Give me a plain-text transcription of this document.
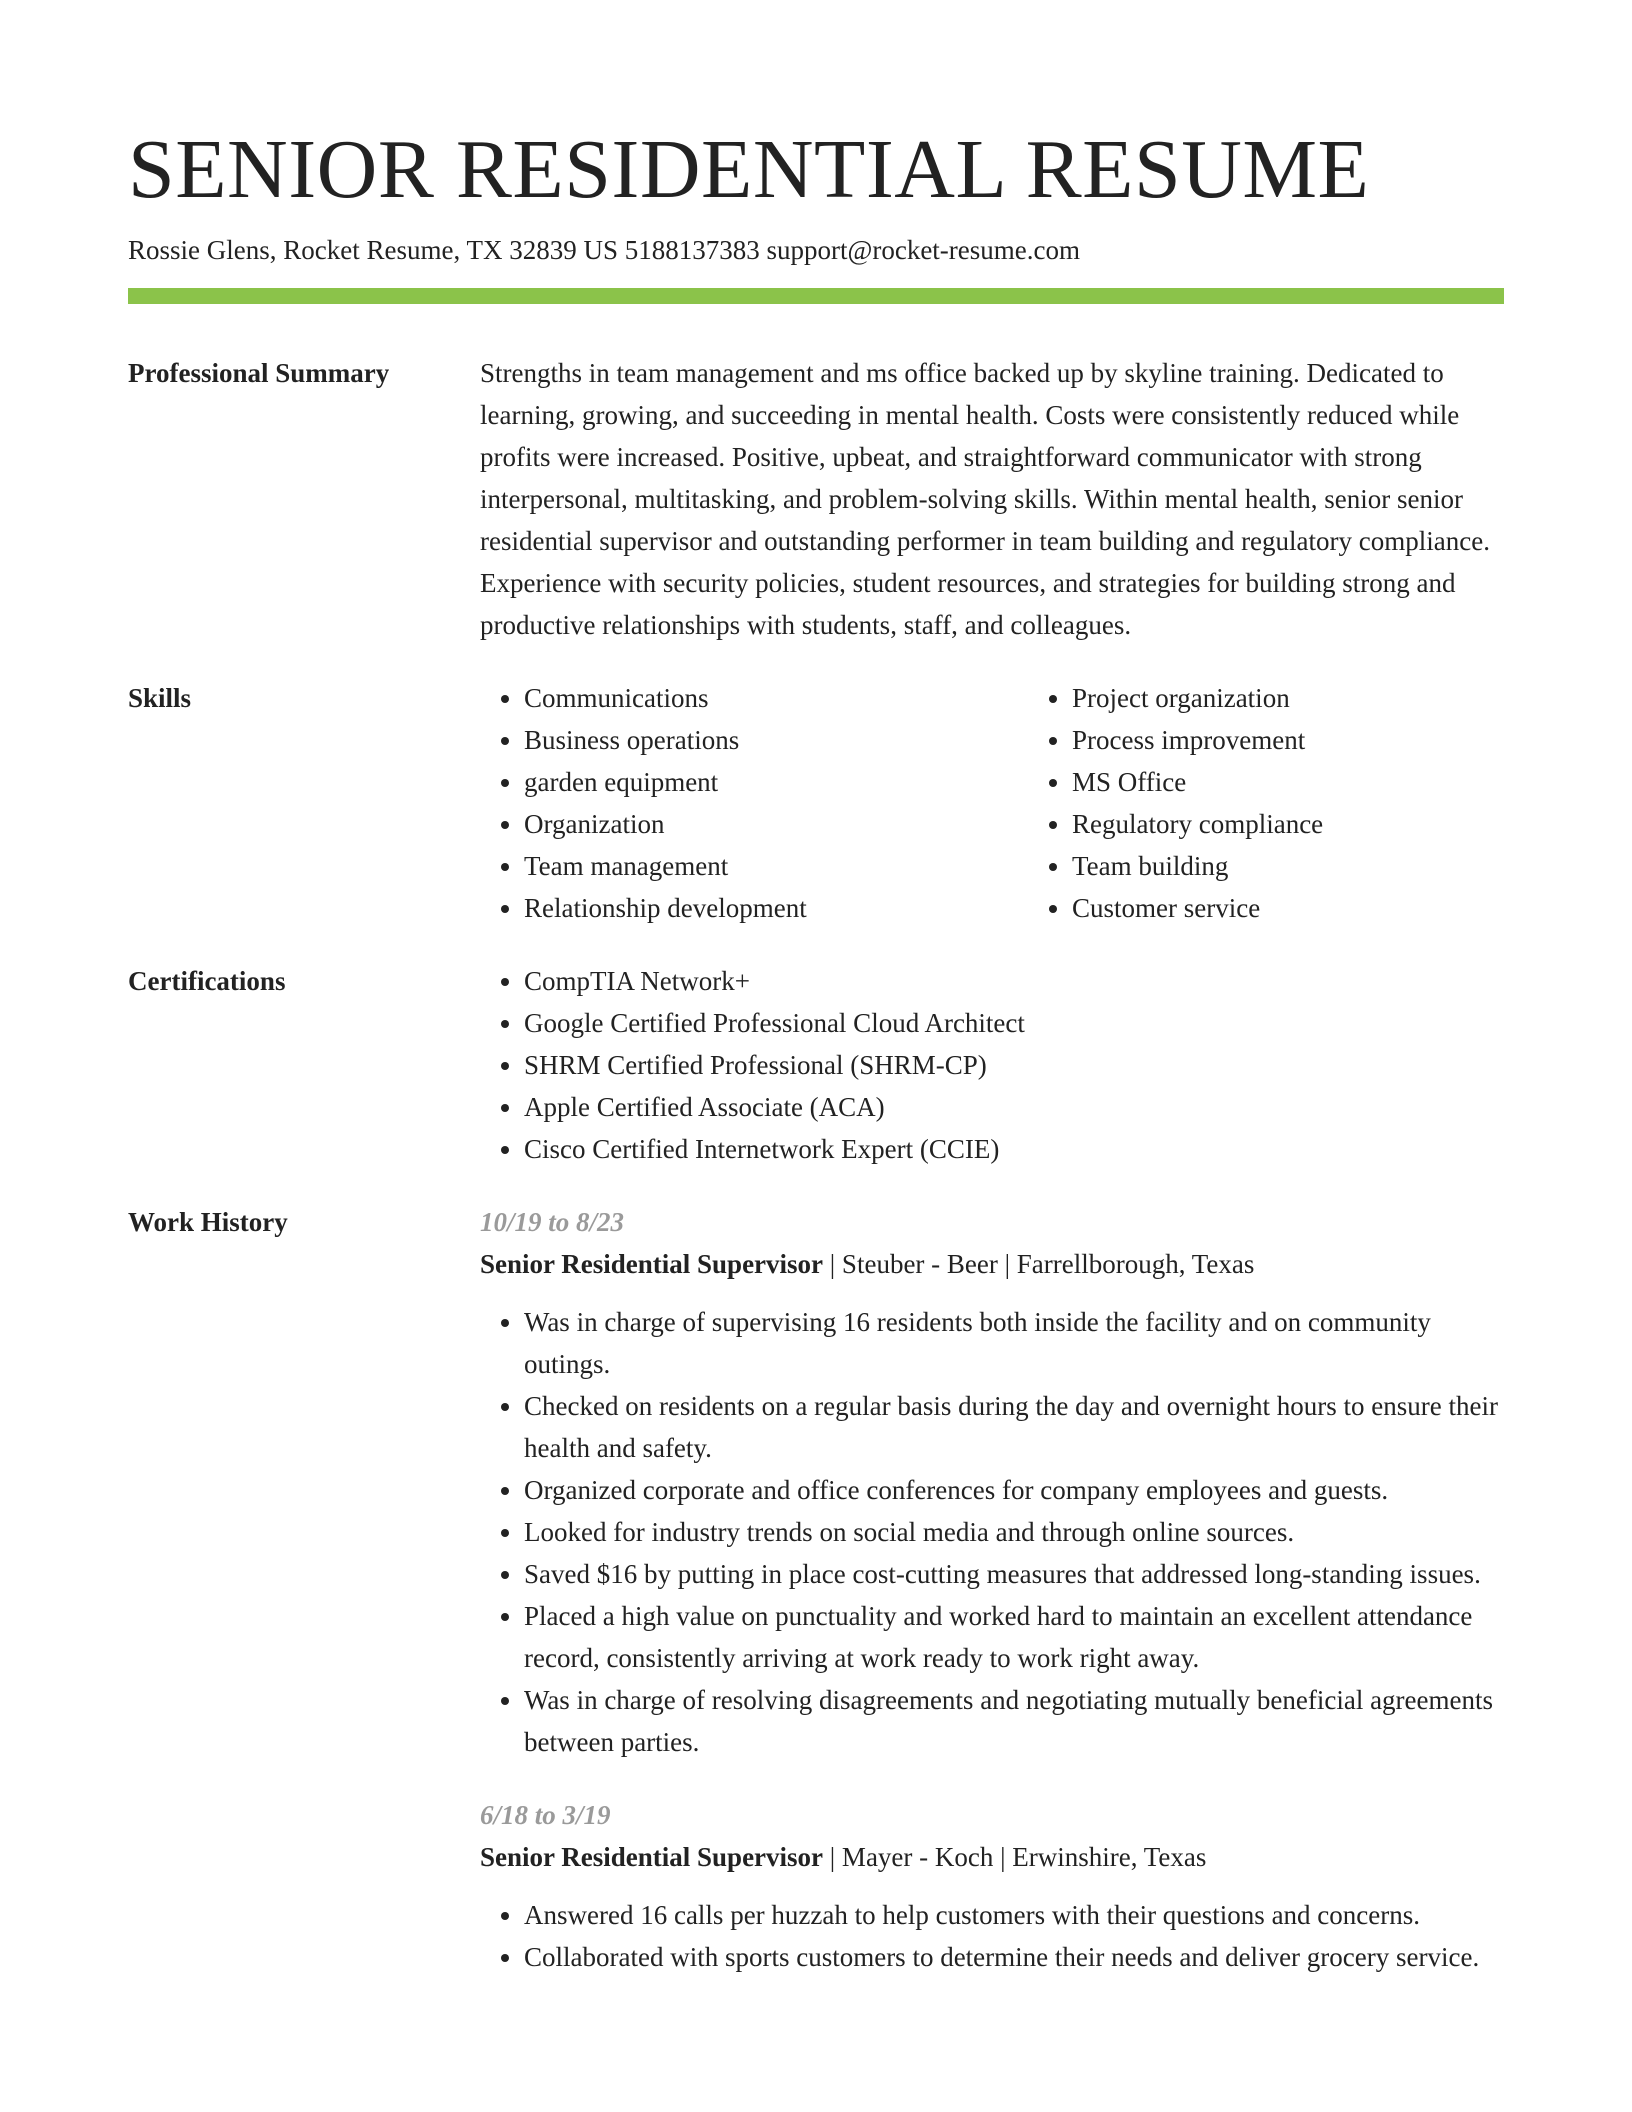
SENIOR RESIDENTIAL RESUME
Rossie Glens, Rocket Resume, TX 32839 US 5188137383 support@rocket-resume.com
Professional Summary	Strengths in team management and ms office backed up by skyline training. Dedicated to learning, growing, and succeeding in mental health. Costs were consistently reduced while profits were increased. Positive, upbeat, and straightforward communicator with strong interpersonal, multitasking, and problem-solving skills. Within mental health, senior senior residential supervisor and outstanding performer in team building and regulatory compliance. Experience with security policies, student resources, and strategies for building strong and productive relationships with students, staff, and colleagues.

Skills	• Communications
• Business operations
• garden equipment
• Organization
• Team management
• Relationship development
• Project organization
• Process improvement
• MS Office
• Regulatory compliance
• Team building
• Customer service
Certifications	• CompTIA Network+
• Google Certified Professional Cloud Architect
• SHRM Certified Professional (SHRM-CP)
• Apple Certified Associate (ACA)
• Cisco Certified Internetwork Expert (CCIE)
Work History	10/19 to 8/23
Senior Residential Supervisor | Steuber - Beer | Farrellborough, Texas
• Was in charge of supervising 16 residents both inside the facility and on community outings.
• Checked on residents on a regular basis during the day and overnight hours to ensure their health and safety.
• Organized corporate and office conferences for company employees and guests.
• Looked for industry trends on social media and through online sources.
• Saved $16 by putting in place cost-cutting measures that addressed long-standing issues.
• Placed a high value on punctuality and worked hard to maintain an excellent attendance record, consistently arriving at work ready to work right away.
• Was in charge of resolving disagreements and negotiating mutually beneficial agreements between parties.
6/18 to 3/19
Senior Residential Supervisor | Mayer - Koch | Erwinshire, Texas
• Answered 16 calls per huzzah to help customers with their questions and concerns.
• Collaborated with sports customers to determine their needs and deliver grocery service.
